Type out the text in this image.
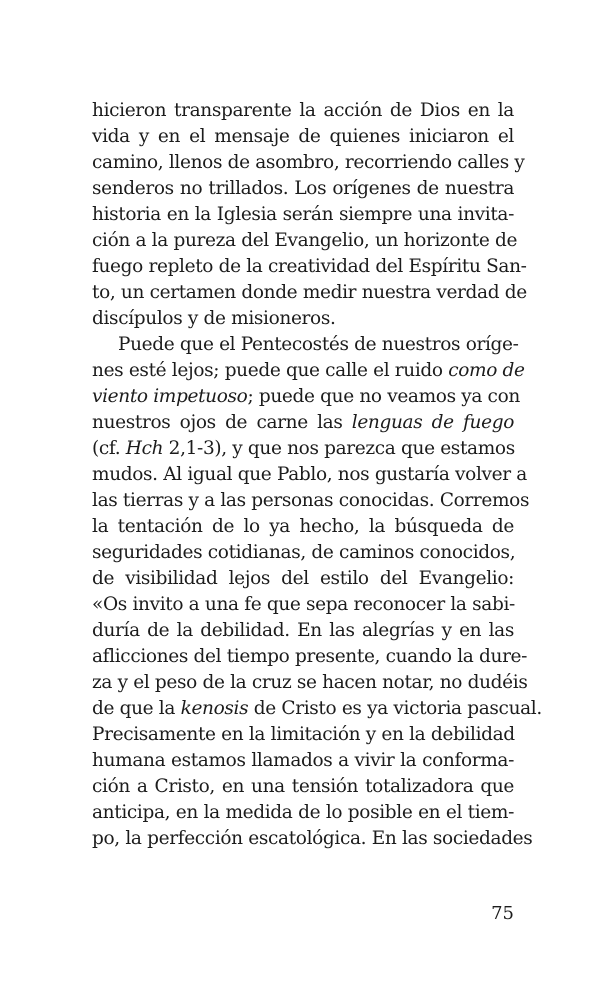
hicieron transparente la acción de Dios en la
vida y en el mensaje de quienes iniciaron el
camino, llenos de asombro, recorriendo calles y
senderos no trillados. Los orígenes de nuestra
historia en la Iglesia serán siempre una invita-
ción a la pureza del Evangelio, un horizonte de
fuego repleto de la creatividad del Espíritu San-
to, un certamen donde medir nuestra verdad de
discípulos y de misioneros.
Puede que el Pentecostés de nuestros oríge-
nes esté lejos; puede que calle el ruido como de
viento impetuoso; puede que no veamos ya con
nuestros ojos de carne las lenguas de fuego
(cf. Hch 2,1-3), y que nos parezca que estamos
mudos. Al igual que Pablo, nos gustaría volver a
las tierras y a las personas conocidas. Corremos
la tentación de lo ya hecho, la búsqueda de
seguridades cotidianas, de caminos conocidos,
de visibilidad lejos del estilo del Evangelio:
«Os invito a una fe que sepa reconocer la sabi-
duría de la debilidad. En las alegrías y en las
aflicciones del tiempo presente, cuando la dure-
za y el peso de la cruz se hacen notar, no dudéis
de que la kenosis de Cristo es ya victoria pascual.
Precisamente en la limitación y en la debilidad
humana estamos llamados a vivir la conforma-
ción a Cristo, en una tensión totalizadora que
anticipa, en la medida de lo posible en el tiem-
po, la perfección escatológica. En las sociedades
75
